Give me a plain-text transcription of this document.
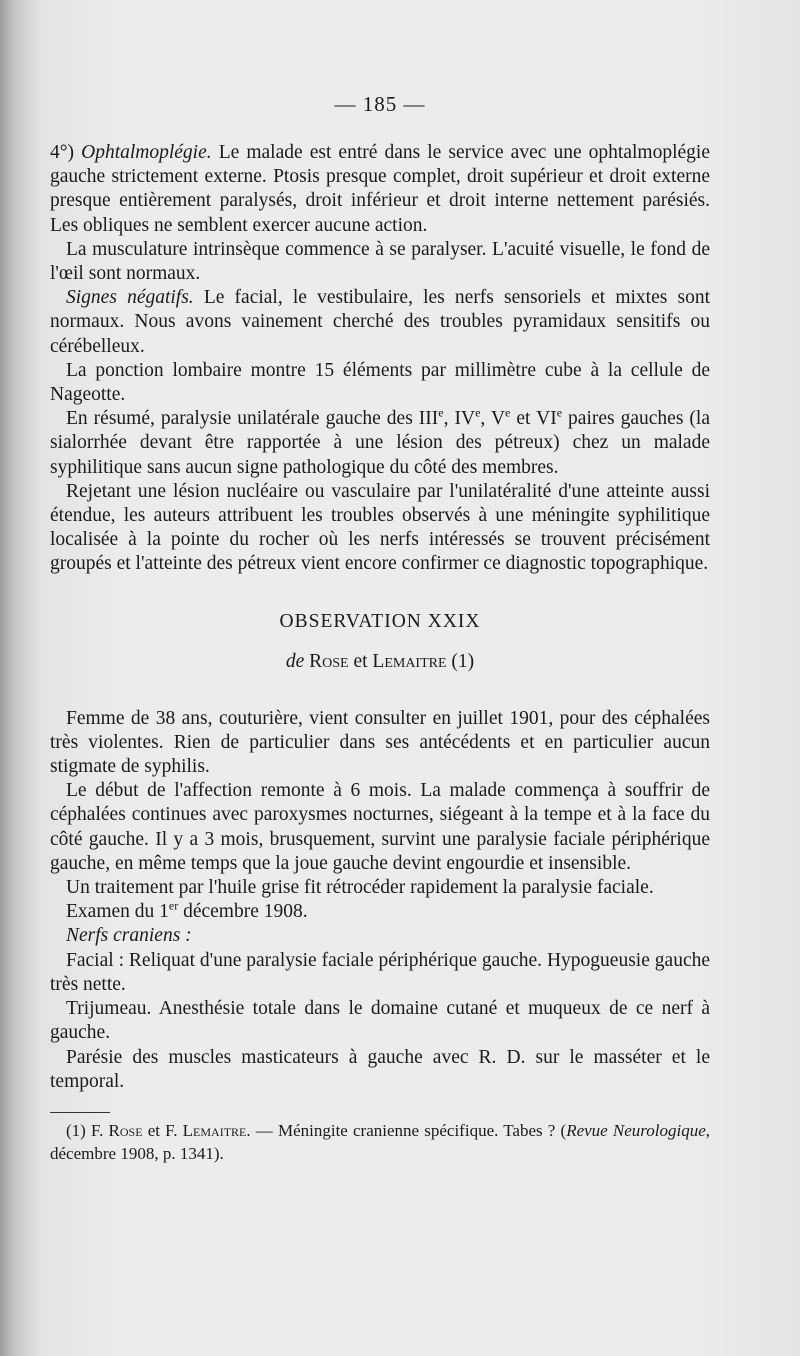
— 185 —

4°) Ophtalmoplégie. Le malade est entré dans le service avec une ophtalmoplégie gauche strictement externe. Ptosis presque complet, droit supérieur et droit externe presque entièrement paralysés, droit inférieur et droit interne nettement parésiés. Les obliques ne semblent exercer aucune action.

La musculature intrinsèque commence à se paralyser. L'acuité visuelle, le fond de l'œil sont normaux.

Signes négatifs. Le facial, le vestibulaire, les nerfs sensoriels et mixtes sont normaux. Nous avons vainement cherché des troubles pyramidaux sensitifs ou cérébelleux.

La ponction lombaire montre 15 éléments par millimètre cube à la cellule de Nageotte.

En résumé, paralysie unilatérale gauche des IIIe, IVe, Ve et VIe paires gauches (la sialorrhée devant être rapportée à une lésion des pétreux) chez un malade syphilitique sans aucun signe pathologique du côté des membres.

Rejetant une lésion nucléaire ou vasculaire par l'unilatéralité d'une atteinte aussi étendue, les auteurs attribuent les troubles observés à une méningite syphilitique localisée à la pointe du rocher où les nerfs intéressés se trouvent précisément groupés et l'atteinte des pétreux vient encore confirmer ce diagnostic topographique.

OBSERVATION XXIX
de Rose et Lemaitre (1)

Femme de 38 ans, couturière, vient consulter en juillet 1901, pour des céphalées très violentes. Rien de particulier dans ses antécédents et en particulier aucun stigmate de syphilis.

Le début de l'affection remonte à 6 mois. La malade commença à souffrir de céphalées continues avec paroxysmes nocturnes, siégeant à la tempe et à la face du côté gauche. Il y a 3 mois, brusquement, survint une paralysie faciale périphérique gauche, en même temps que la joue gauche devint engourdie et insensible.

Un traitement par l'huile grise fit rétrocéder rapidement la paralysie faciale.

Examen du 1er décembre 1908.

Nerfs craniens :

Facial : Reliquat d'une paralysie faciale périphérique gauche. Hypogueusie gauche très nette.

Trijumeau. Anesthésie totale dans le domaine cutané et muqueux de ce nerf à gauche.

Parésie des muscles masticateurs à gauche avec R. D. sur le masséter et le temporal.

(1) F. Rose et F. Lemaitre. — Méningite cranienne spécifique. Tabes ? (Revue Neurologique, décembre 1908, p. 1341).
